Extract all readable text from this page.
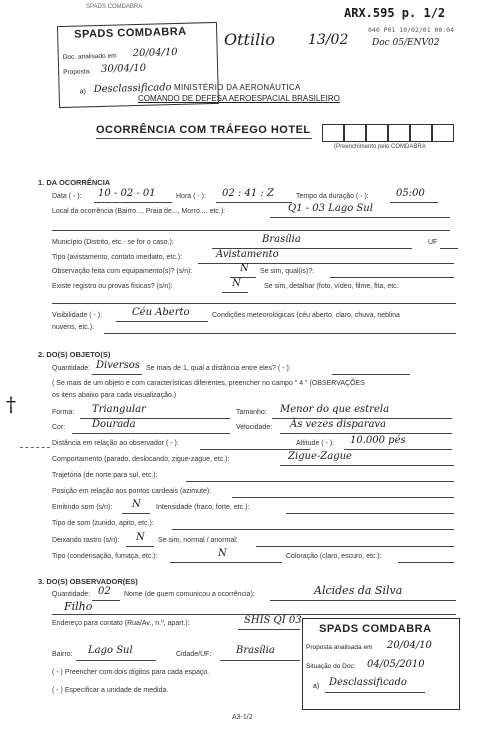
ARX.595 p. 1/2
SPADS COMDABRA
040 P01 10/02/01 00:04
SPADS COMDABRA
Doc. analisado em 20/04/10
Proposta: 30/04/10
a) Desclassificado
Ottilio 13/02	Doc 05/ENV02
MINISTÉRIO DA AERONÁUTICA
COMANDO DE DEFESA AEROESPACIAL BRASILEIRO
OCORRÊNCIA COM TRÁFEGO HOTEL
(Preenchimento pelo COMDABRA
1. DA OCORRÊNCIA
Data ( - ): 10 - 02 - 01	Hora ( - ): 02 : 41 : Z	Tempo da duração ( - ):	05:00
Local da ocorrência (Bairro..., Praia de..., Morro..., etc.):	Q1 - 03 Lago Sul
Município (Distrito, etc.- se for o caso.):	Brasília	UF
Tipo (avistamento, contato imediato, etc.):	Avistamento
Observação feita com equipamento(s)? (s/n):	N Se sim, qual(is)?:
Existe registro ou provas físicas? (s/n):	N	Se sim, detalhar (foto, vídeo, filme, fita, etc.
Visibilidade ( - ):	Céu Aberto	Condições meteorológicas (céu aberto, claro, chuva, neblina
nuvens, etc.):
2. DO(S) OBJETO(S)
Quantidade: Diversos Se mais de 1, qual a distância entre eles? ( - ):
( Se mais de um objeto e com características diferentes, preencher no campo " 4 " (OBSERVAÇÕES
os itens abaixo para cada visualização.)
†	Forma: Triangular	Tamanho: Menor do que estrela
Cor:	Dourada	Velocidade: Às vezes disparava
Distância em relação ao observador ( - ):	Altitude ( - ): 10.000 pés
Comportamento (parado, deslocando, zigue-zague, etc.):	Zigue-Zague
Trajetória (de norte para sul, etc.):
Posição em relação aos pontos cardeais (azimute):
Emitindo som (s/n): N Intensidade (fraco, forte, etc.):
Tipo de som (zunido, apito, etc.):
Deixando rastro (s/n): N Se sim, normal / anormal:
Tipo (condensação, fumaça, etc.):	N	Coloração (claro, escuro, etc.):
3. DO(S) OBSERVADOR(ES)
Quantidade: 02 Nome (de quem comunicou a ocorrência):	Alcides da Silva
Filho
Endereço para contato (Rua/Av., n.º, apart.):	SHIS QI 03
Bairro: Lago Sul	Cidade/UF: Brasília
( - ) Preencher com dois dígitos para cada espaço.
( - ) Especificar a unidade de medida.
SPADS COMDABRA
Proposta analisada em 20/04/10
Situação do Doc: 04/05/2010
a) Desclassificado
A3-1/2
